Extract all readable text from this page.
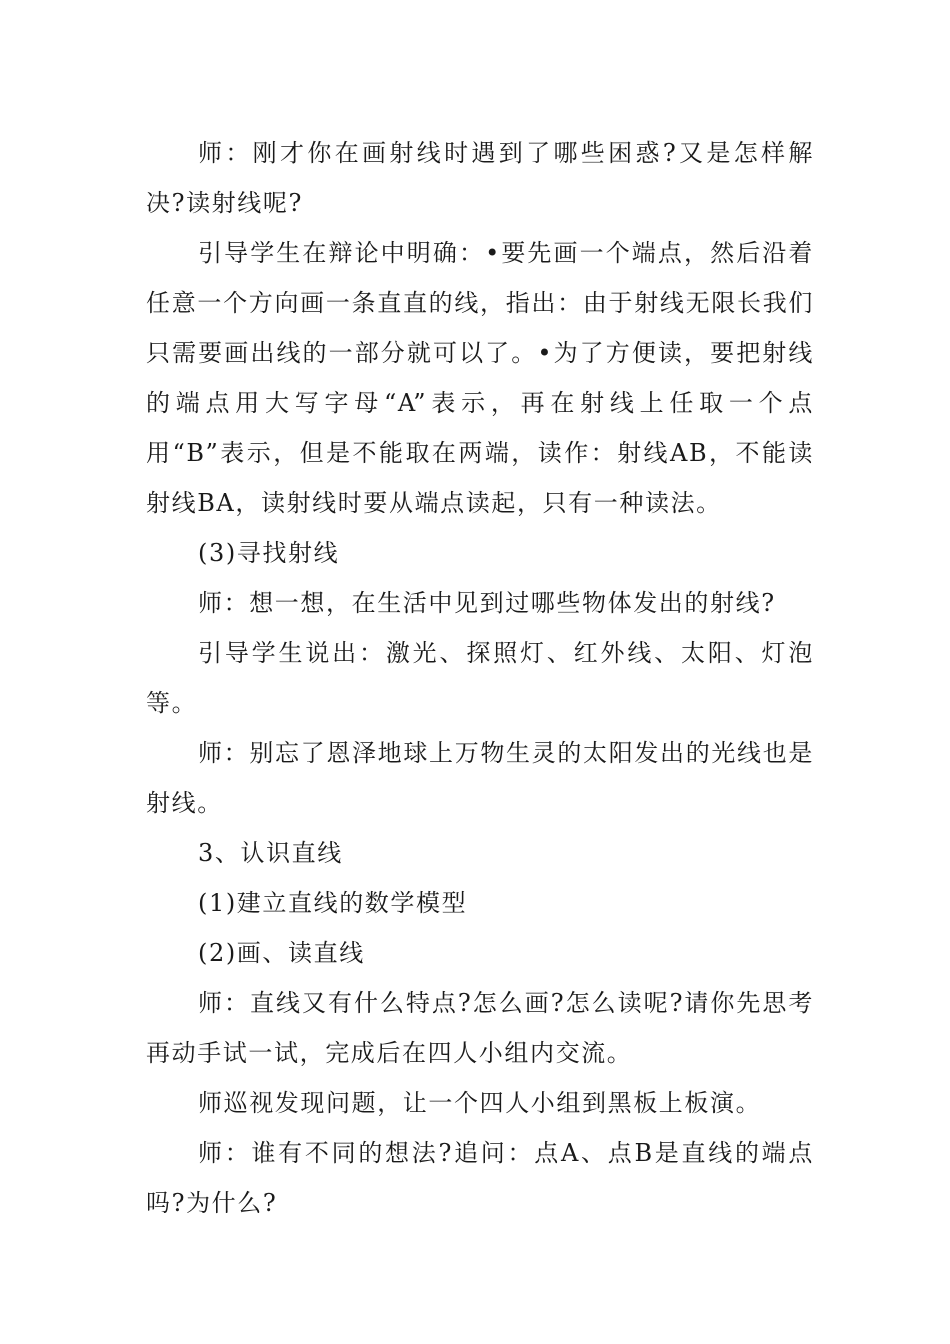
师：刚才你在画射线时遇到了哪些困惑?又是怎样解决?读射线呢?

引导学生在辩论中明确：•要先画一个端点，然后沿着任意一个方向画一条直直的线，指出：由于射线无限长我们只需要画出线的一部分就可以了。•为了方便读，要把射线的端点用大写字母“A”表示，再在射线上任取一个点用“B”表示，但是不能取在两端，读作：射线AB，不能读射线BA，读射线时要从端点读起，只有一种读法。

(3)寻找射线

师：想一想，在生活中见到过哪些物体发出的射线?

引导学生说出：激光、探照灯、红外线、太阳、灯泡等。

师：别忘了恩泽地球上万物生灵的太阳发出的光线也是射线。

3、认识直线

(1)建立直线的数学模型

(2)画、读直线

师：直线又有什么特点?怎么画?怎么读呢?请你先思考再动手试一试，完成后在四人小组内交流。

师巡视发现问题，让一个四人小组到黑板上板演。

师：谁有不同的想法?追问：点A、点B是直线的端点吗?为什么?
